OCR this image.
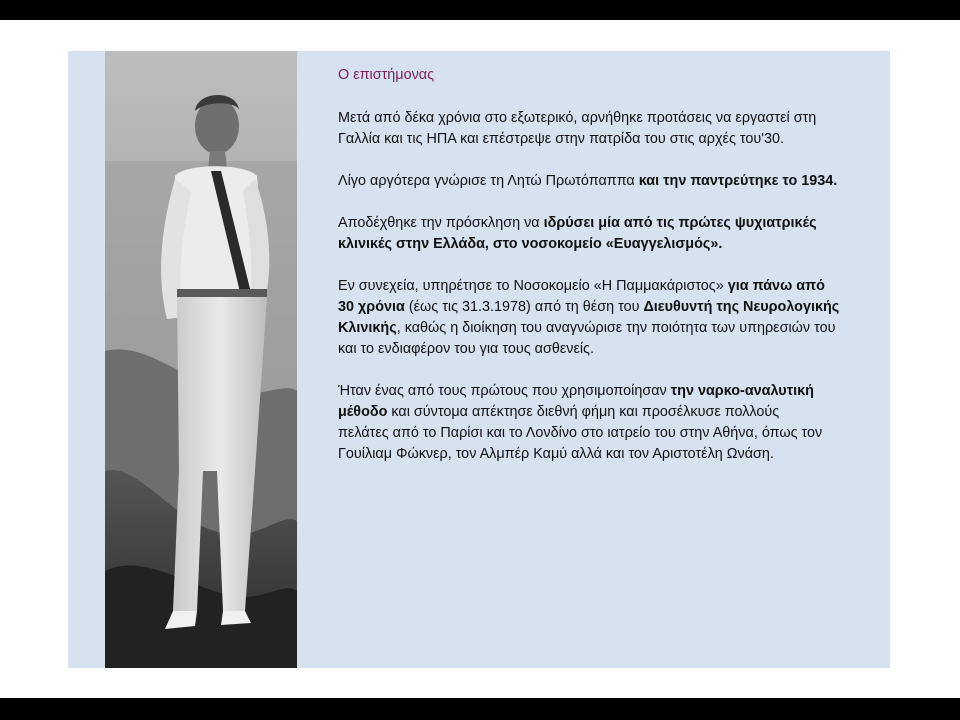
Ο επιστήμονας
Μετά από δέκα χρόνια στο εξωτερικό, αρνήθηκε προτάσεις να εργαστεί στη
Γαλλία και τις ΗΠΑ και επέστρεψε στην πατρίδα του στις αρχές του'30.
Λίγο αργότερα γνώρισε τη Λητώ Πρωτόπαππα και την παντρεύτηκε το 1934.
Αποδέχθηκε την πρόσκληση να ιδρύσει μία από τις πρώτες ψυχιατρικές
κλινικές στην Ελλάδα, στο νοσοκομείο «Ευαγγελισμός».
Εν συνεχεία, υπηρέτησε το Νοσοκομείο «Η Παμμακάριστος» για πάνω από
30 χρόνια (έως τις 31.3.1978) από τη θέση του Διευθυντή της Νευρολογικής
Κλινικής, καθώς η διοίκηση του αναγνώρισε την ποιότητα των υπηρεσιών του
και το ενδιαφέρον του για τους ασθενείς.
Ήταν ένας από τους πρώτους που χρησιμοποίησαν την ναρκο-αναλυτική
μέθοδο και σύντομα απέκτησε διεθνή φήμη και προσέλκυσε πολλούς
πελάτες από το Παρίσι και το Λονδίνο στο ιατρείο του στην Αθήνα, όπως τον
Γουίλιαμ Φώκνερ, τον Αλμπέρ Καμύ αλλά και τον Αριστοτέλη Ωνάση.
